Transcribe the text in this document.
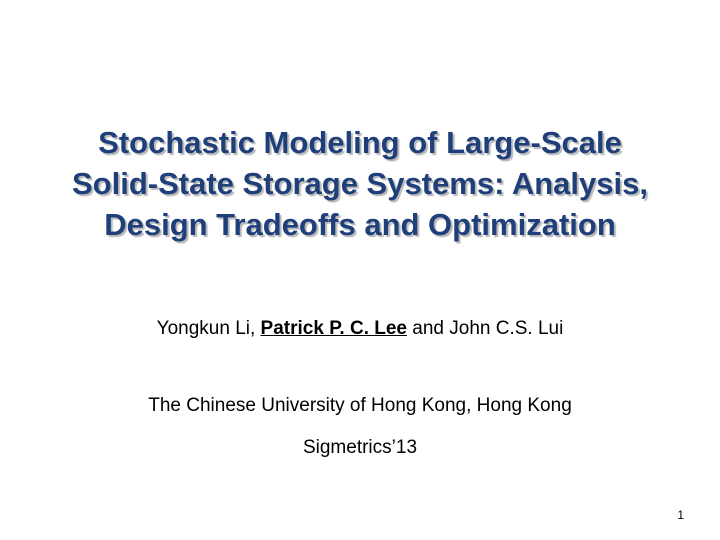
Stochastic Modeling of Large-Scale
Solid-State Storage Systems: Analysis,
Design Tradeoffs and Optimization
Yongkun Li, Patrick P. C. Lee and John C.S. Lui
The Chinese University of Hong Kong, Hong Kong
Sigmetrics’13
1
